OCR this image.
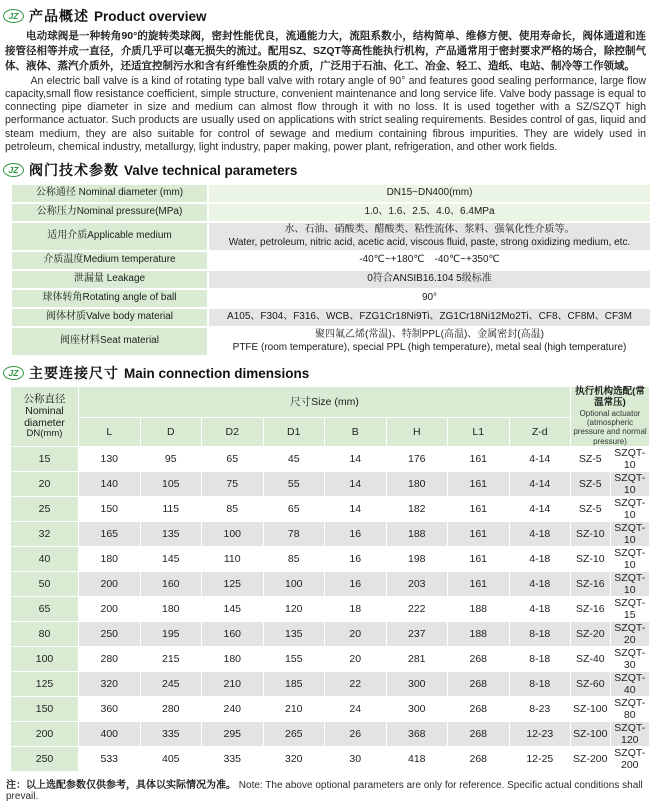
JZ 产品概述 Product overview

电动球阀是一种转角90°的旋转类球阀，密封性能优良，流通能力大，流阻系数小，结构简单、维修方便、使用寿命长，阀体通道和连接管径相等并成一直径，介质几乎可以毫无损失的流过。配用SZ、SZQT等高性能执行机构，产品通常用于密封要求严格的场合，除控制气体、液体、蒸汽介质外，还适宜控制污水和含有纤维性杂质的介质，广泛用于石油、化工、冶金、轻工、造纸、电站、制冷等工作领域。

An electric ball valve is a kind of rotating type ball valve with rotary angle of 90° and features good sealing performance, large flow capacity,small flow resistance coefficient, simple structure, convenient maintenance and long service life. Valve body passage is equal to connecting pipe diameter in size and medium can almost flow through it with no loss. It is used together with a SZ/SZQT high performance actuator. Such products are usually used on applications with strict sealing requirements. Besides control of gas, liquid and steam medium, they are also suitable for control of sewage and medium containing fibrous impurities. They are widely used in petroleum, chemical industry, metallurgy, light industry, paper making, power plant, refrigeration, and other work fields.

JZ 阀门技术参数 Valve technical parameters
公称通径 Nominal diameter (mm)	DN15~DN400(mm)
公称压力Nominal pressure(MPa)	1.0、1.6、2.5、4.0、6.4MPa
适用介质Applicable medium	水、石油、硝酸类、醋酸类、粘性流体、浆料、强氧化性介质等。
Water, petroleum, nitric acid, acetic acid, viscous fluid, paste, strong oxidizing medium, etc.

介质温度Medium temperature	-40℃~+180℃　-40℃~+350℃
泄漏量 Leakage	0符合ANSIB16.104 5级标准
球体转角Rotating angle of ball	90°
阀体材质Valve body material	A105、F304、F316、WCB、FZG1Cr18Ni9Ti、ZG1Cr18Ni12Mo2Ti、CF8、CF8M、CF3M
阀座材料Seat material	聚四氟乙烯(常温)、特制PPL(高温)、金属密封(高温)
PTFE (room temperature), special PPL (high temperature), metal seal (high temperature)
JZ 主要连接尺寸 Main connection dimensions
公称直径
Nominal diameter
DN(mm)
	尺寸Size (mm)	
执行机构选配(常温常压)
Optional actuator (atmospheric pressure and normal pressure)

	L	D	D2	D1	B	H	L1	Z-d		
15	130	95	65	45	14	176	161	4-14	SZ-5	SZQT-10
20	140	105	75	55	14	180	161	4-14	SZ-5	SZQT-10
25	150	115	85	65	14	182	161	4-14	SZ-5	SZQT-10
32	165	135	100	78	16	188	161	4-18	SZ-10	SZQT-10
40	180	145	110	85	16	198	161	4-18	SZ-10	SZQT-10
50	200	160	125	100	16	203	161	4-18	SZ-16	SZQT-10
65	200	180	145	120	18	222	188	4-18	SZ-16	SZQT-15
80	250	195	160	135	20	237	188	8-18	SZ-20	SZQT-20
100	280	215	180	155	20	281	268	8-18	SZ-40	SZQT-30
125	320	245	210	185	22	300	268	8-18	SZ-60	SZQT-40
150	360	280	240	210	24	300	268	8-23	SZ-100	SZQT-80
200	400	335	295	265	26	368	268	12-23	SZ-100	SZQT-120
250	533	405	335	320	30	418	268	12-25	SZ-200	SZQT-200

注：以上选配参数仅供参考，具体以实际情况为准。 Note: The above optional parameters are only for reference. Specific actual conditions shall prevail.
